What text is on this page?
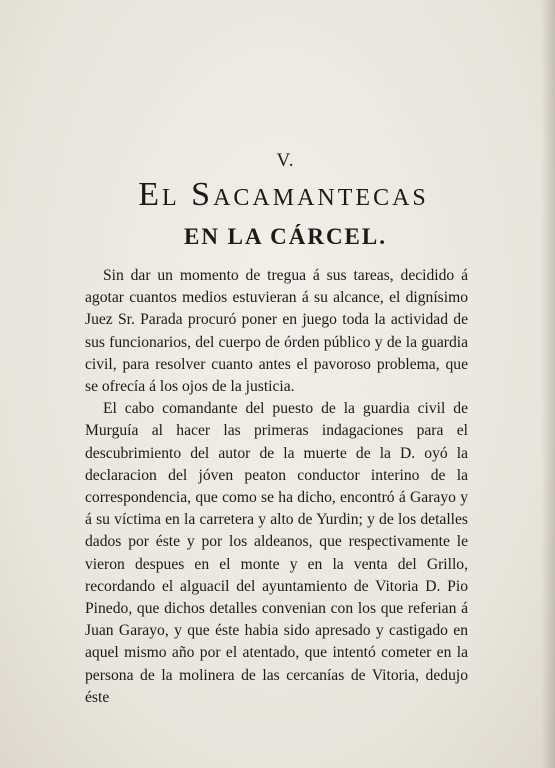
V.
El Sacamantecas
EN LA CÁRCEL.

Sin dar un momento de tregua á sus tareas, decidido á agotar cuantos medios estuvieran á su alcance, el dignísimo Juez Sr. Parada procuró poner en juego toda la actividad de sus funcionarios, del cuerpo de órden público y de la guardia civil, para resolver cuanto antes el pavoroso problema, que se ofrecía á los ojos de la justicia.

El cabo comandante del puesto de la guardia civil de Murguía al hacer las primeras indagaciones para el descubrimiento del autor de la muerte de la D. oyó la declaracion del jóven peaton conductor interino de la correspondencia, que como se ha dicho, encontró á Garayo y á su víctima en la carretera y alto de Yurdin; y de los detalles dados por éste y por los aldeanos, que respectivamente le vieron despues en el monte y en la venta del Grillo, recordando el alguacil del ayuntamiento de Vitoria D. Pio Pinedo, que dichos detalles convenian con los que referian á Juan Garayo, y que éste habia sido apresado y castigado en aquel mismo año por el atentado, que intentó cometer en la persona de la molinera de las cercanías de Vitoria, dedujo éste
